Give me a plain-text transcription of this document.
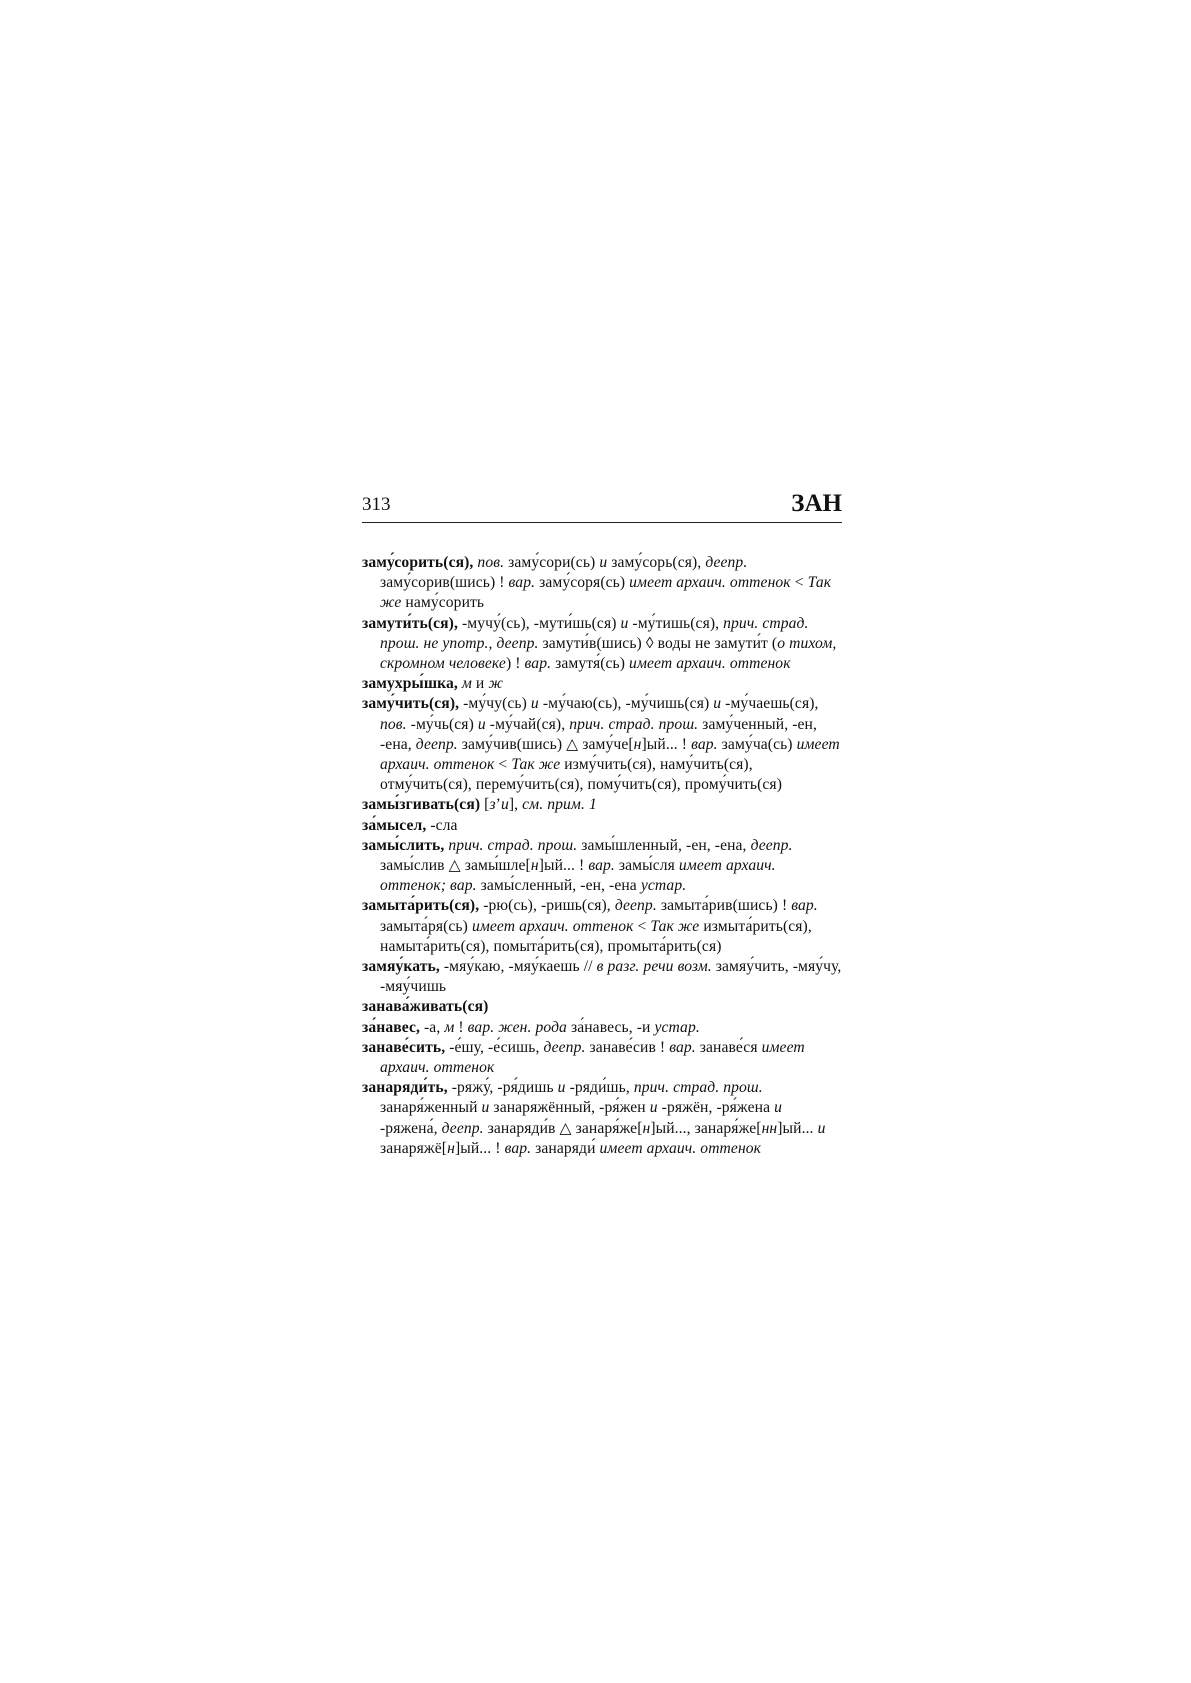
313	ЗАН

заму́сорить(ся), пов. заму́сори(сь) и заму́сорь(ся), деепр. заму́сорив(шись) ! вар. заму́соря(сь) имеет архаич. оттенок < Так же наму́сорить

замути́ть(ся), -мучу́(сь), -мути́шь(ся) и -му́тишь(ся), прич. страд. прош. не употр., деепр. замути́в(шись) ◊ воды не замути́т (о тихом, скромном человеке) ! вар. замутя́(сь) имеет архаич. оттенок

замухры́шка, м и ж

заму́чить(ся), -му́чу(сь) и -му́чаю(сь), -му́чишь(ся) и -му́чаешь(ся), пов. -му́чь(ся) и -му́чай(ся), прич. страд. прош. заму́ченный, -ен, -ена, деепр. заму́чив(шись) △ заму́че[н]ый... ! вар. заму́ча(сь) имеет архаич. оттенок < Так же изму́чить(ся), наму́чить(ся), отму́чить(ся), перему́чить(ся), пому́чить(ся), прому́чить(ся)

замы́згивать(ся) [зʼи], см. прим. 1

за́мысел, -сла

замы́слить, прич. страд. прош. замы́шленный, -ен, -ена, деепр. замы́слив △ замы́шле[н]ый... ! вар. замы́сля имеет архаич. оттенок; вар. замы́сленный, -ен, -ена устар.

замыта́рить(ся), -рю(сь), -ришь(ся), деепр. замыта́рив(шись) ! вар. замыта́ря(сь) имеет архаич. оттенок < Так же измыта́рить(ся), намыта́рить(ся), помыта́рить(ся), промыта́рить(ся)

замяу́кать, -мяу́каю, -мяу́каешь // в разг. речи возм. замяу́чить, -мяу́чу, -мяу́чишь

занава́живать(ся)

за́навес, -а, м ! вар. жен. рода за́навесь, -и устар.

занаве́сить, -е́шу, -е́сишь, деепр. занаве́сив ! вар. занаве́ся имеет архаич. оттенок

занаряди́ть, -ряжу́, -ря́дишь и -ряди́шь, прич. страд. прош. занаря́женный и занаряжённый, -ря́жен и -ряжён, -ря́жена и -ряжена́, деепр. занаряди́в △ занаря́же[н]ый..., занаря́же[нн]ый... и занаряжё[н]ый... ! вар. занаряди́ имеет архаич. оттенок
